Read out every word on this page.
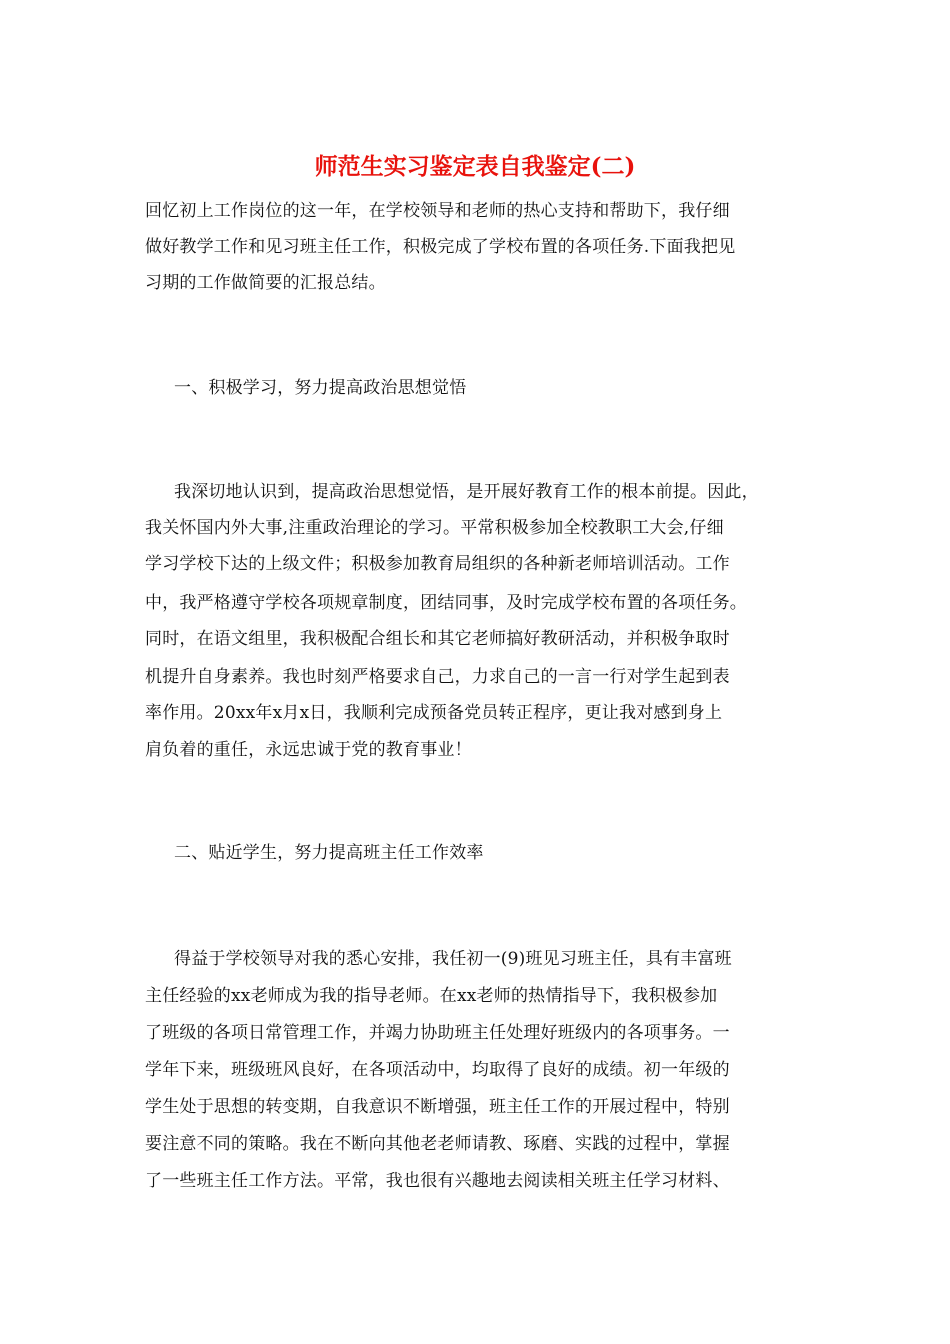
师范生实习鉴定表自我鉴定(二)
回忆初上工作岗位的这一年，在学校领导和老师的热心支持和帮助下，我仔细
做好教学工作和见习班主任工作，积极完成了学校布置的各项任务.下面我把见
习期的工作做简要的汇报总结。
一、积极学习，努力提高政治思想觉悟
我深切地认识到，提高政治思想觉悟，是开展好教育工作的根本前提。因此，
我关怀国内外大事,注重政治理论的学习。平常积极参加全校教职工大会,仔细
学习学校下达的上级文件；积极参加教育局组织的各种新老师培训活动。工作
中，我严格遵守学校各项规章制度，团结同事，及时完成学校布置的各项任务。
同时，在语文组里，我积极配合组长和其它老师搞好教研活动，并积极争取时
机提升自身素养。我也时刻严格要求自己，力求自己的一言一行对学生起到表
率作用。20xx年x月x日，我顺利完成预备党员转正程序，更让我对感到身上
肩负着的重任，永远忠诚于党的教育事业！
二、贴近学生，努力提高班主任工作效率
得益于学校领导对我的悉心安排，我任初一(9)班见习班主任，具有丰富班
主任经验的xx老师成为我的指导老师。在xx老师的热情指导下，我积极参加
了班级的各项日常管理工作，并竭力协助班主任处理好班级内的各项事务。一
学年下来，班级班风良好，在各项活动中，均取得了良好的成绩。初一年级的
学生处于思想的转变期，自我意识不断增强，班主任工作的开展过程中，特别
要注意不同的策略。我在不断向其他老老师请教、琢磨、实践的过程中，掌握
了一些班主任工作方法。平常，我也很有兴趣地去阅读相关班主任学习材料、
